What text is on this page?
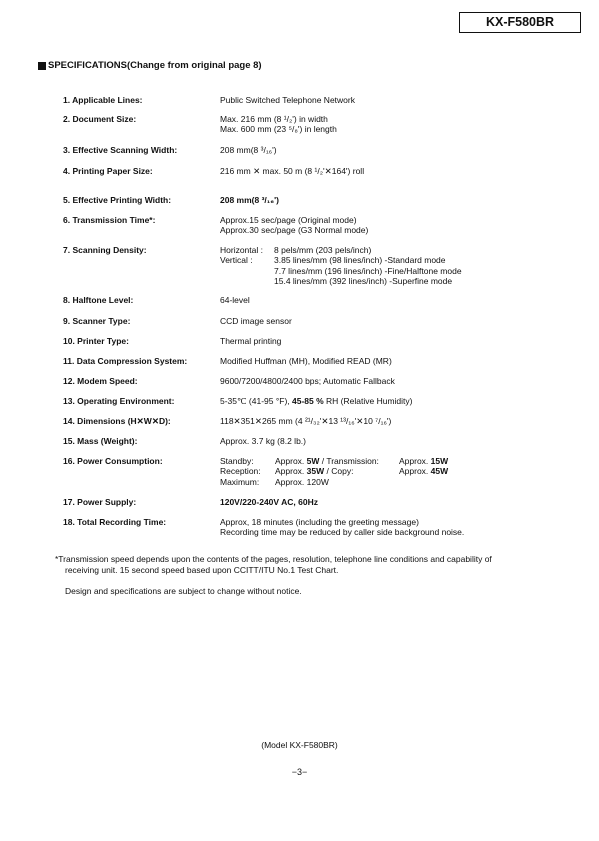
KX-F580BR
SPECIFICATIONS(Change from original page 8)
1. Applicable Lines:	Public Switched Telephone Network
2. Document Size:	Max. 216 mm (8 ¹/₂') in width
Max. 600 mm (23 ⁵/₈') in length
3. Effective Scanning Width:	208 mm(8 ³/₁₆')
4. Printing Paper Size:	216 mm ✕ max. 50 m (8 ¹/₂'✕164') roll
5. Effective Printing Width:	208 mm(8 ³/₁₆')
6. Transmission Time*:	Approx.15 sec/page (Original mode)
Approx.30 sec/page (G3 Normal mode)
7. Scanning Density:	Horizontal :	8 pels/mm (203 pels/inch)
Vertical :	3.85 lines/mm (98 lines/inch) -Standard mode
7.7 lines/mm (196 lines/inch) -Fine/Halftone mode
15.4 lines/mm (392 lines/inch) -Superfine mode
8. Halftone Level:	64-level
9. Scanner Type:	CCD image sensor
10. Printer Type:	Thermal printing
11. Data Compression System:	Modified Huffman (MH), Modified READ (MR)
12. Modem Speed:	9600/7200/4800/2400 bps; Automatic Fallback
13. Operating Environment:	5-35℃ (41-95 °F), 45-85 % RH (Relative Humidity)
14. Dimensions (H✕W✕D):	118✕351✕265 mm (4 ²¹/₃₂'✕13 ¹³/₁₆'✕10 ⁷/₁₆')
15. Mass (Weight):	Approx. 3.7 kg (8.2 lb.)
16. Power Consumption:	Standby:	Approx. 5W / Transmission:	Approx. 15W
Reception:	Approx. 35W / Copy:	Approx. 45W
Maximum:	Approx. 120W
17. Power Supply:	120V/220-240V AC, 60Hz
18. Total Recording Time:	Approx, 18 minutes (including the greeting message)
Recording time may be reduced by caller side background noise.
*Transmission speed depends upon the contents of the pages, resolution, telephone line conditions and capability of
receiving unit. 15 second speed based upon CCITT/ITU No.1 Test Chart.
Design and specifications are subject to change without notice.
(Model KX-F580BR)
−3−
